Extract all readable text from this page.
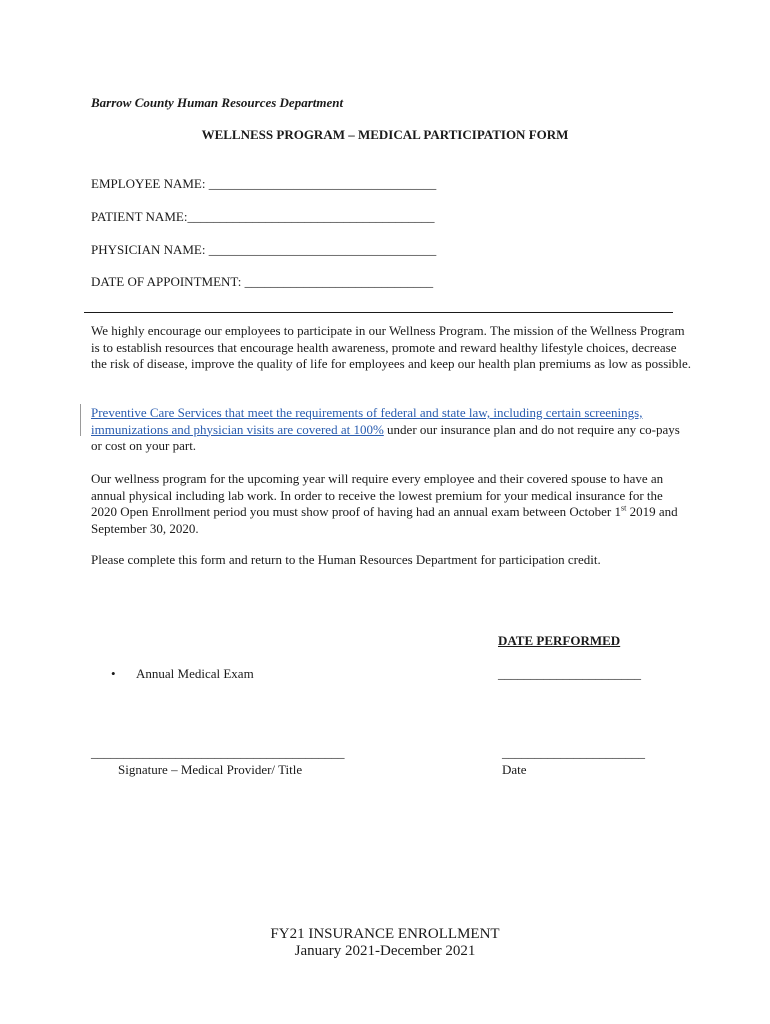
Barrow County Human Resources Department
WELLNESS PROGRAM – MEDICAL PARTICIPATION FORM
EMPLOYEE NAME: ___________________________________
PATIENT NAME:______________________________________
PHYSICIAN NAME: ___________________________________
DATE OF APPOINTMENT: _____________________________
We highly encourage our employees to participate in our Wellness Program. The mission of the Wellness Program is to establish resources that encourage health awareness, promote and reward healthy lifestyle choices, decrease the risk of disease, improve the quality of life for employees and keep our health plan premiums as low as possible.
Preventive Care Services that meet the requirements of federal and state law, including certain screenings, immunizations and physician visits are covered at 100% under our insurance plan and do not require any co-pays or cost on your part.
Our wellness program for the upcoming year will require every employee and their covered spouse to have an annual physical including lab work. In order to receive the lowest premium for your medical insurance for the 2020 Open Enrollment period you must show proof of having had an annual exam between October 1st 2019 and September 30, 2020.
Please complete this form and return to the Human Resources Department for participation credit.
DATE PERFORMED
• Annual Medical Exam	______________________
_______________________________________
Signature – Medical Provider/ Title
______________________
Date
FY21 INSURANCE ENROLLMENT
January 2021-December 2021
